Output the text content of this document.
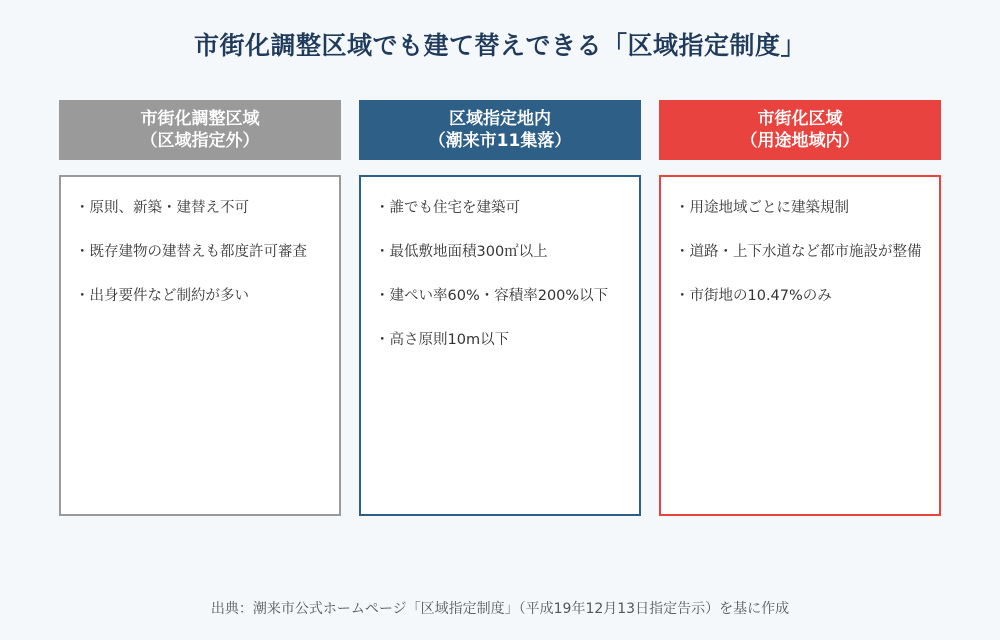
市街化調整区域でも建て替えできる「区域指定制度」
市街化調整区域
（区域指定外）
・原則、新築・建替え不可
・既存建物の建替えも都度許可審査
・出身要件など制約が多い
区域指定地内
（潮来市11集落）
・誰でも住宅を建築可
・最低敷地面積300㎡以上
・建ぺい率60%・容積率200%以下
・高さ原則10m以下
市街化区域
（用途地域内）
・用途地域ごとに建築規制
・道路・上下水道など都市施設が整備
・市街地の10.47%のみ
出典：潮来市公式ホームページ「区域指定制度」（平成19年12月13日指定告示）を基に作成
